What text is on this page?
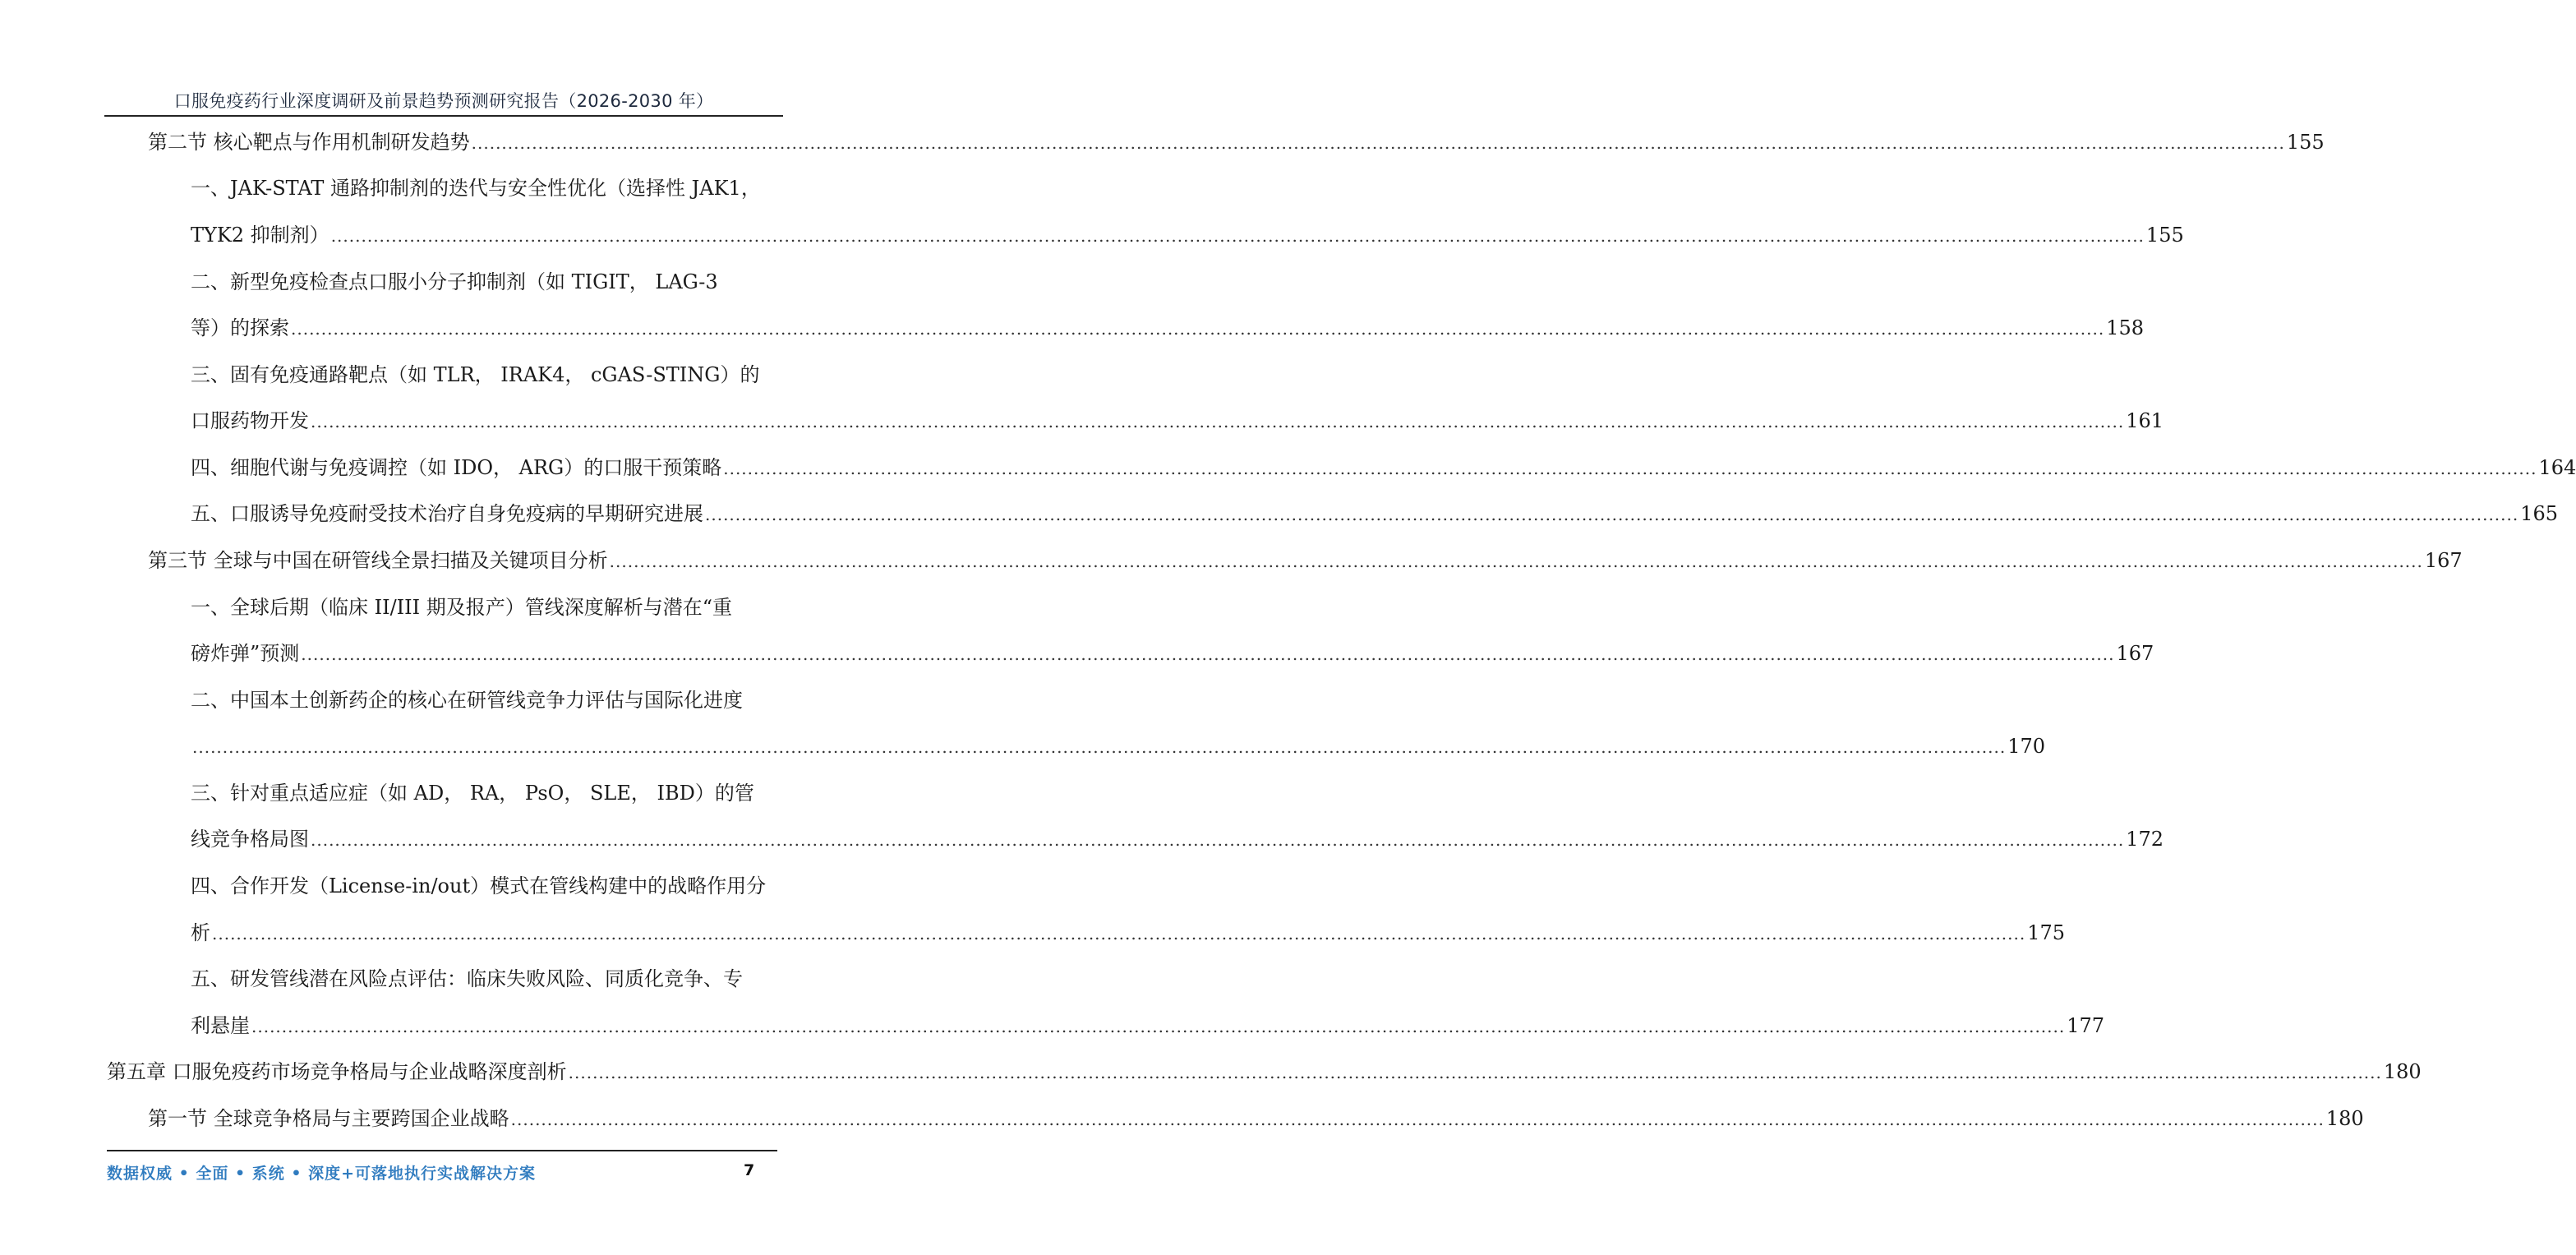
口服免疫药行业深度调研及前景趋势预测研究报告（2026-2030 年）
第二节 核心靶点与作用机制研发趋势 ............................................................................................................................................................................................................................................................................................................ 155
一、JAK-STAT 通路抑制剂的迭代与安全性优化（选择性 JAK1，
TYK2 抑制剂） ............................................................................................................................................................................................................................................................................................................ 155
二、新型免疫检查点口服小分子抑制剂（如 TIGIT， LAG-3
等）的探索 ............................................................................................................................................................................................................................................................................................................ 158
三、固有免疫通路靶点（如 TLR， IRAK4， cGAS-STING）的
口服药物开发 ............................................................................................................................................................................................................................................................................................................ 161
四、细胞代谢与免疫调控（如 IDO， ARG）的口服干预策略 ............................................................................................................................................................................................................................................................................................................ 164
五、口服诱导免疫耐受技术治疗自身免疫病的早期研究进展 ............................................................................................................................................................................................................................................................................................................ 165
第三节 全球与中国在研管线全景扫描及关键项目分析 ............................................................................................................................................................................................................................................................................................................ 167
一、全球后期（临床 II/III 期及报产）管线深度解析与潜在“重
磅炸弹”预测 ............................................................................................................................................................................................................................................................................................................ 167
二、中国本土创新药企的核心在研管线竞争力评估与国际化进度
............................................................................................................................................................................................................................................................................................................ 170
三、针对重点适应症（如 AD， RA， PsO， SLE， IBD）的管
线竞争格局图 ............................................................................................................................................................................................................................................................................................................ 172
四、合作开发（License-in/out）模式在管线构建中的战略作用分
析 ............................................................................................................................................................................................................................................................................................................ 175
五、研发管线潜在风险点评估：临床失败风险、同质化竞争、专
利悬崖 ............................................................................................................................................................................................................................................................................................................ 177
第五章 口服免疫药市场竞争格局与企业战略深度剖析 ............................................................................................................................................................................................................................................................................................................ 180
第一节 全球竞争格局与主要跨国企业战略 ............................................................................................................................................................................................................................................................................................................ 180
数据权威 • 全面 • 系统 • 深度+可落地执行实战解决方案	7
